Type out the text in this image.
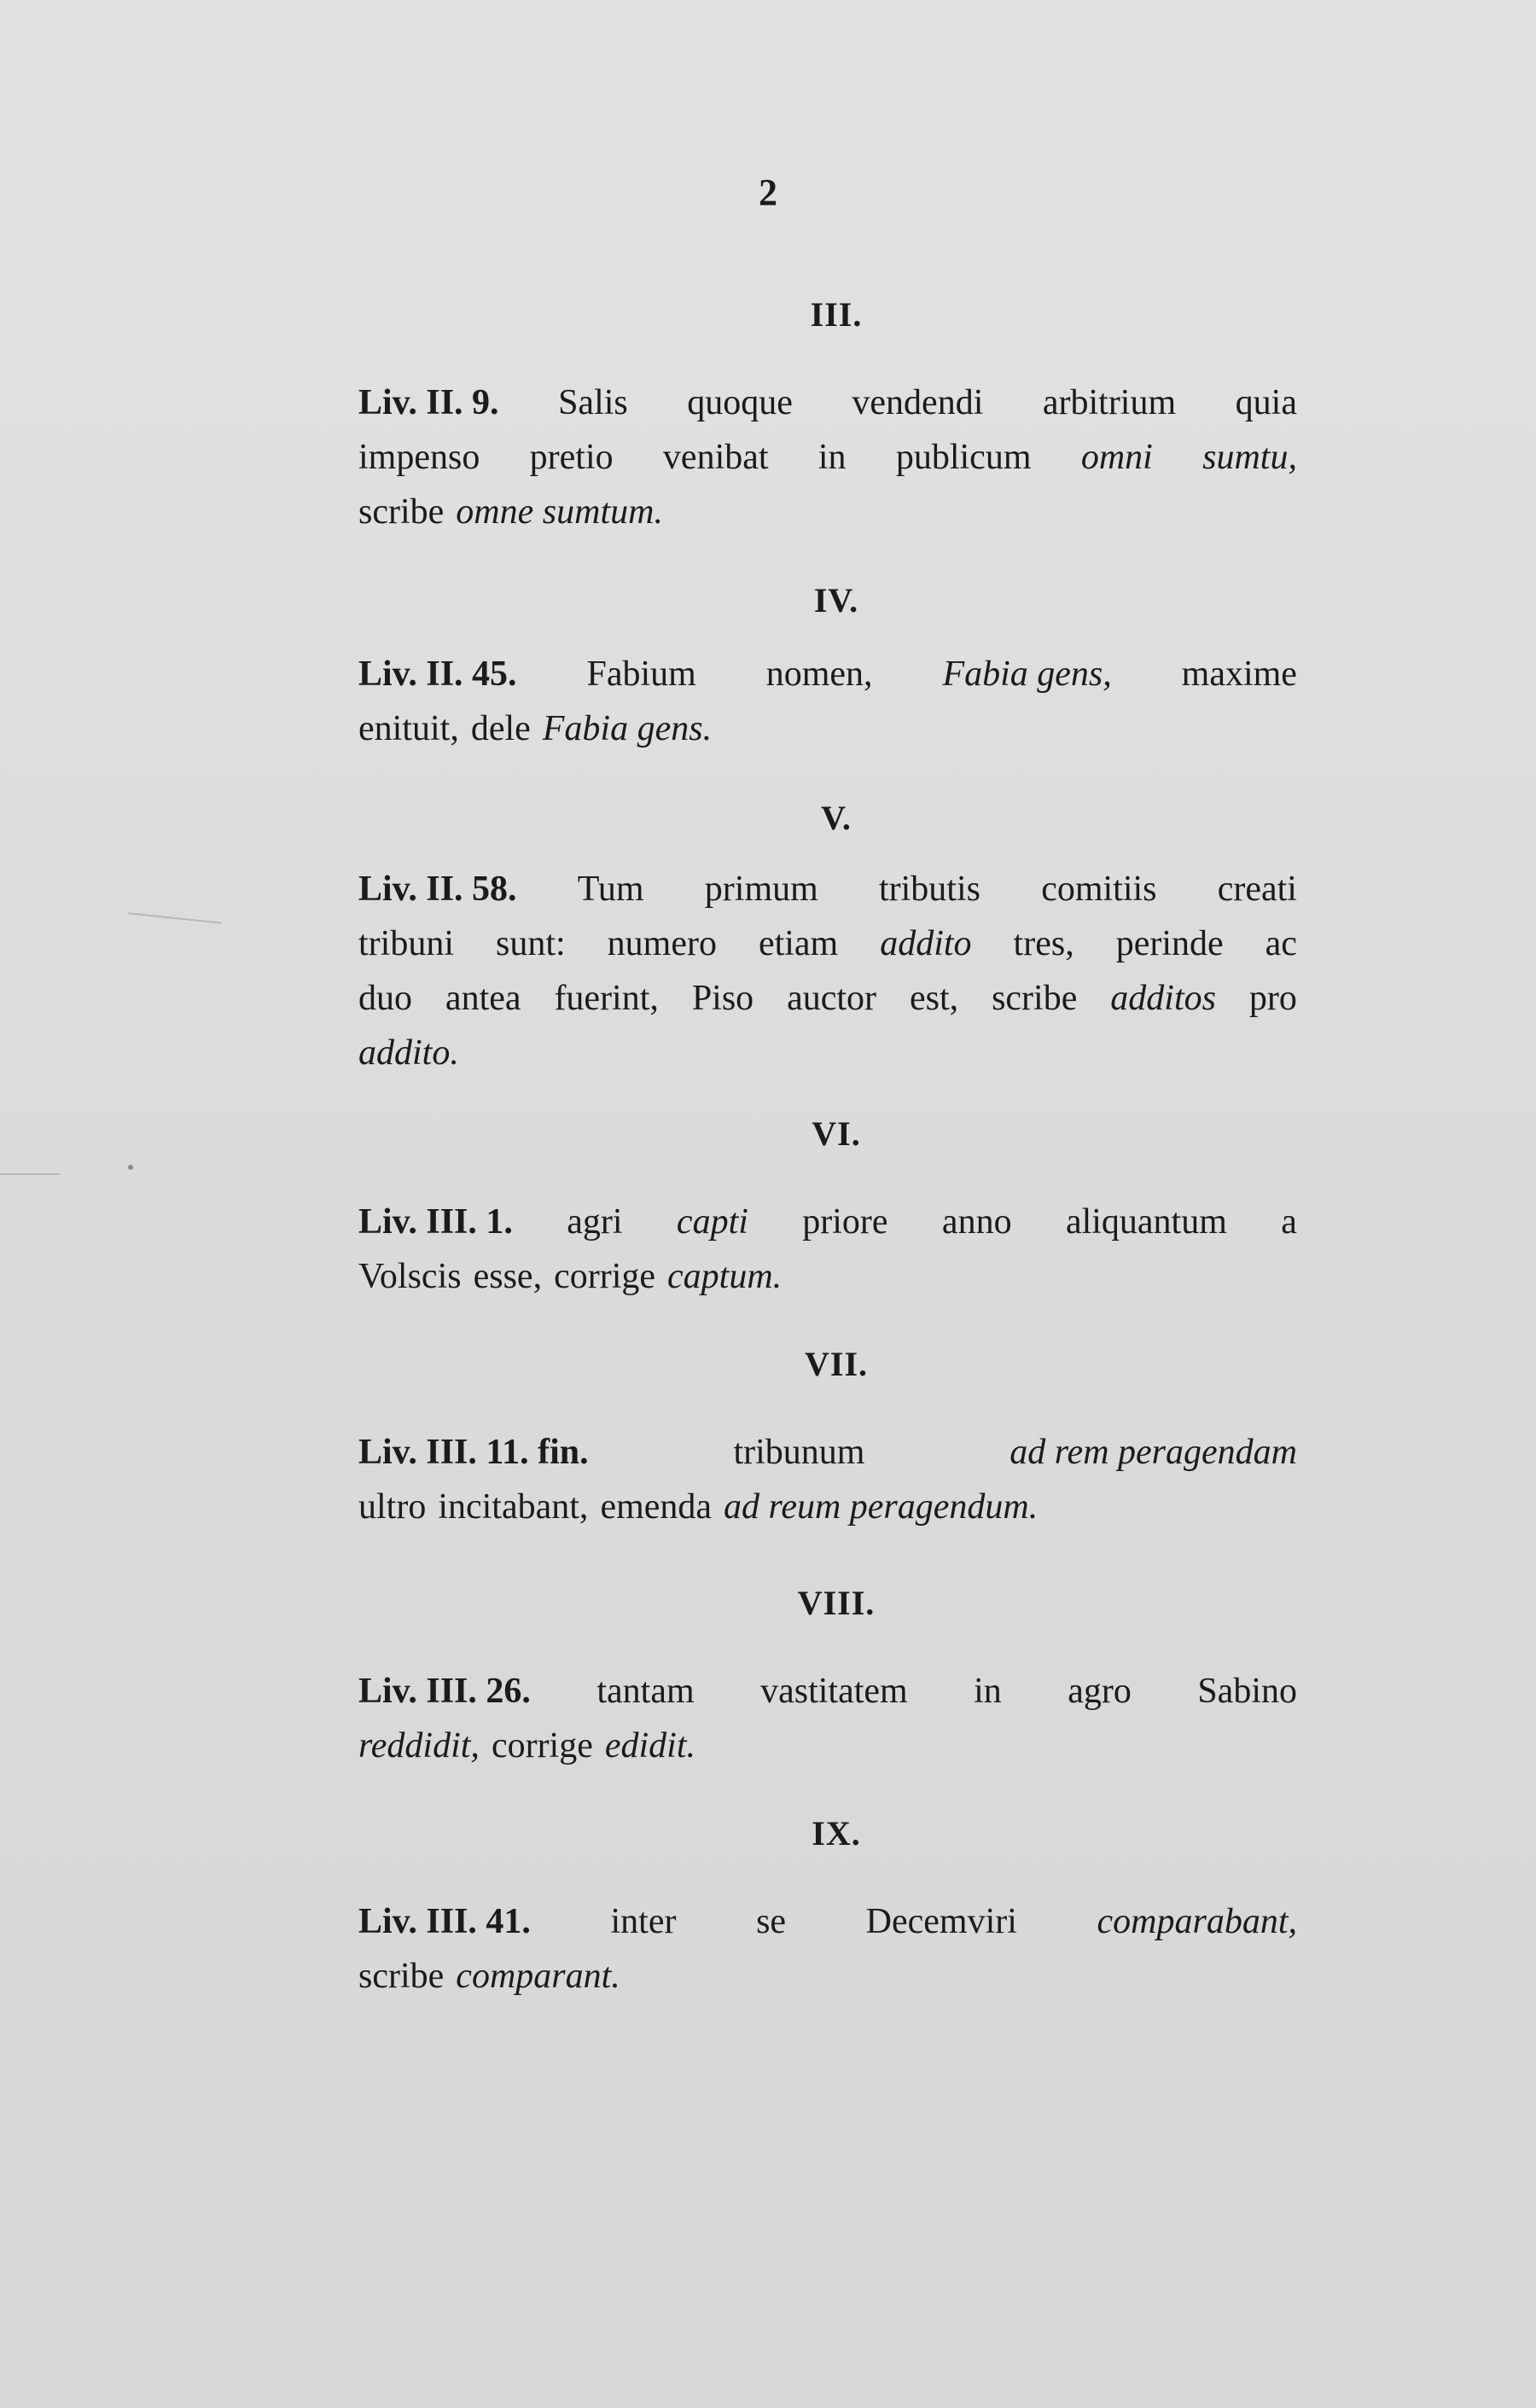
2
III.
Liv. II. 9. Salis quoque vendendi arbitrium quia
impenso pretio venibat in publicum omni sumtu,
scribe omne sumtum.
IV.
Liv. II. 45. Fabium nomen, Fabia gens, maxime
enituit, dele Fabia gens.
V.
Liv. II. 58. Tum primum tributis comitiis creati
tribuni sunt: numero etiam addito tres, perinde ac
duo antea fuerint, Piso auctor est, scribe additos pro
addito.
VI.
Liv. III. 1. agri capti priore anno aliquantum a
Volscis esse, corrige captum.
VII.
Liv. III. 11. fin.	tribunum	ad rem peragendam
ultro incitabant, emenda ad reum peragendum.
VIII.
Liv. III. 26. tantam vastitatem in agro Sabino
reddidit, corrige edidit.
IX.
Liv. III. 41. inter se Decemviri comparabant,
scribe comparant.
